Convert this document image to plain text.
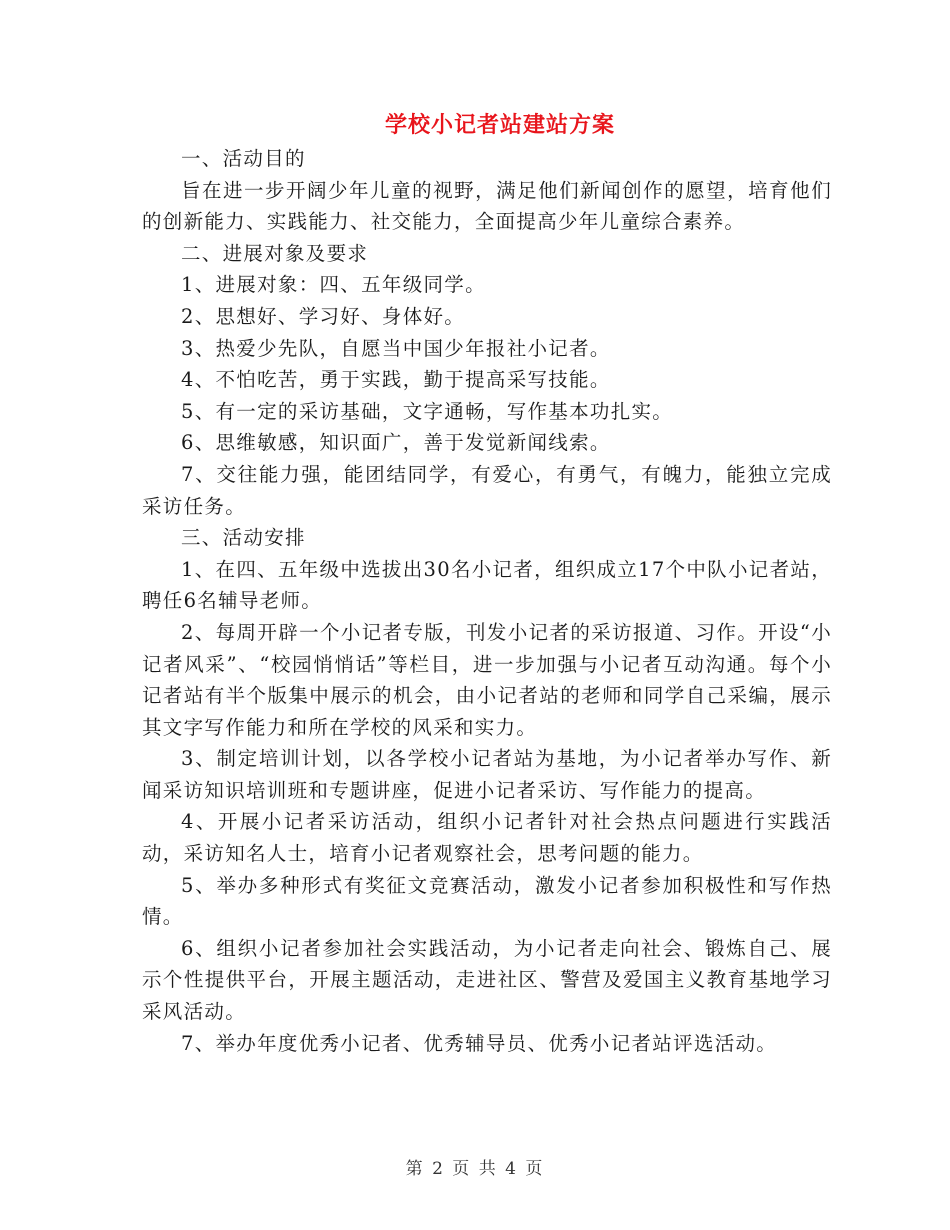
学校小记者站建站方案

一、活动目的

旨在进一步开阔少年儿童的视野，满足他们新闻创作的愿望，培育他们的创新能力、实践能力、社交能力，全面提高少年儿童综合素养。

二、进展对象及要求

1、进展对象：四、五年级同学。

2、思想好、学习好、身体好。

3、热爱少先队，自愿当中国少年报社小记者。

4、不怕吃苦，勇于实践，勤于提高采写技能。

5、有一定的采访基础，文字通畅，写作基本功扎实。

6、思维敏感，知识面广，善于发觉新闻线索。

7、交往能力强，能团结同学，有爱心，有勇气，有魄力，能独立完成采访任务。

三、活动安排

1、在四、五年级中选拔出30名小记者，组织成立17个中队小记者站，聘任6名辅导老师。

2、每周开辟一个小记者专版，刊发小记者的采访报道、习作。开设“小记者风采”、“校园悄悄话”等栏目，进一步加强与小记者互动沟通。每个小记者站有半个版集中展示的机会，由小记者站的老师和同学自己采编，展示其文字写作能力和所在学校的风采和实力。

3、制定培训计划，以各学校小记者站为基地，为小记者举办写作、新闻采访知识培训班和专题讲座，促进小记者采访、写作能力的提高。

4、开展小记者采访活动，组织小记者针对社会热点问题进行实践活动，采访知名人士，培育小记者观察社会，思考问题的能力。

5、举办多种形式有奖征文竞赛活动，激发小记者参加积极性和写作热情。

6、组织小记者参加社会实践活动，为小记者走向社会、锻炼自己、展示个性提供平台，开展主题活动，走进社区、警营及爱国主义教育基地学习采风活动。

7、举办年度优秀小记者、优秀辅导员、优秀小记者站评选活动。

第 2 页 共 4 页
